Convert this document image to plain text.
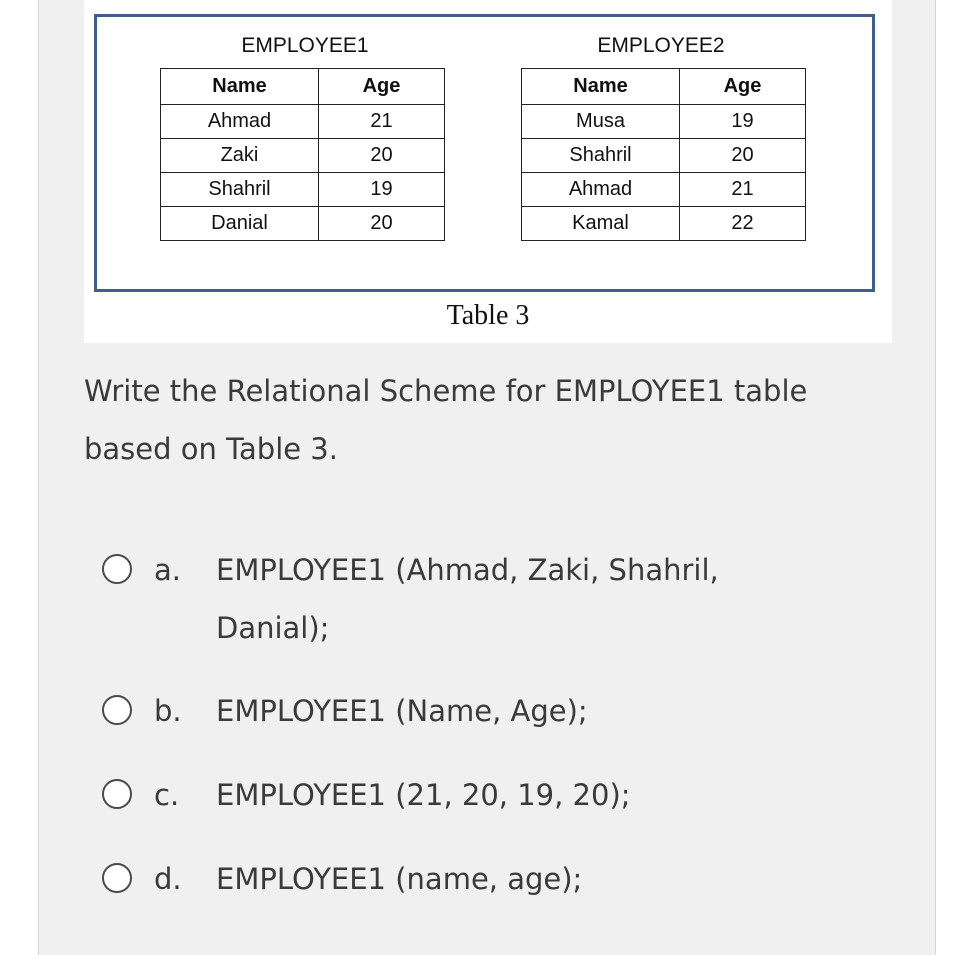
EMPLOYEE1
Name	Age
Ahmad	21
Zaki	20
Shahril	19
Danial	20
EMPLOYEE2
Name	Age
Musa	19
Shahril	20
Ahmad	21
Kamal	22
Table 3
Write the Relational Scheme for EMPLOYEE1 table based on Table 3.
a. EMPLOYEE1 (Ahmad, Zaki, Shahril, Danial);
b. EMPLOYEE1 (Name, Age);
c. EMPLOYEE1 (21, 20, 19, 20);
d. EMPLOYEE1 (name, age);
